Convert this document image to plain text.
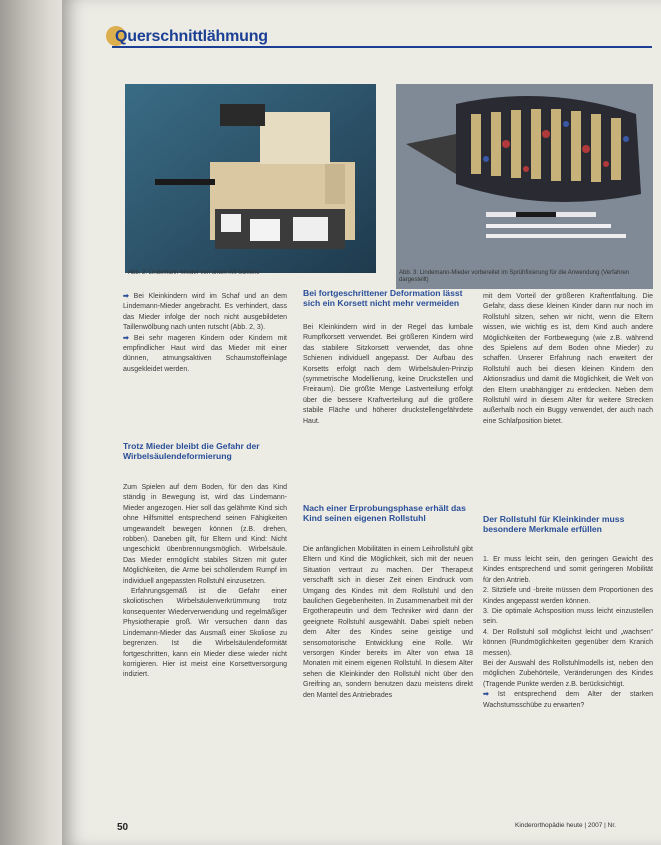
Querschnittlähmung
Abb. 2: Lindemann-Mieder von unten mit Schiene	Abb. 3: Lindemann-Mieder vorbereitet im Sprühfixierung für die Anwendung (Verfahren dargestellt)

➡ Bei Kleinkindern wird im Schaf und an dem Lindemann-Mieder angebracht. Es verhindert, dass das Mieder infolge der noch nicht ausgebildeten Taillenwölbung nach unten rutscht (Abb. 2, 3).

➡ Bei sehr mageren Kindern oder Kindern mit empfindlicher Haut wird das Mieder mit einer dünnen, atmungsaktiven Schaumstoffeinlage ausgekleidet werden.

Trotz Mieder bleibt die Gefahr der Wirbelsäulendeformierung

Zum Spielen auf dem Boden, für den das Kind ständig in Bewegung ist, wird das Lindemann-Mieder angezogen. Hier soll das gelähmte Kind sich ohne Hilfsmittel entsprechend seinen Fähigkeiten umgewandelt bewegen können (z.B. drehen, robben). Daneben gilt, für Eltern und Kind: Nicht ungeschickt übenbrennungsmöglich. Wirbelsäule. Das Mieder ermöglicht stabiles Sitzen mit guter Möglichkeiten, die Arme bei schöllendem Rumpf im individuell angepassten Rollstuhl einzusetzen.

Erfahrungsgemäß ist die Gefahr einer skoliotischen Wirbelsäulenverkrümmung trotz konsequenter Wiederverwendung und regelmäßiger Physiotherapie groß. Wir versuchen dann das Lindemann-Mieder das Ausmaß einer Skoliose zu begrenzen. Ist die Wirbelsäulendeformität fortgeschritten, kann ein Mieder diese wieder nicht korrigieren. Hier ist meist eine Korsettversorgung indiziert.

Bei fortgeschrittener Deformation lässt sich ein Korsett nicht mehr vermeiden
Bei Kleinkindern wird in der Regel das lumbale Rumpfkorsett verwendet. Bei größeren Kindern wird das stabilere Sitzkorsett verwendet, das ohne Schienen individuell angepasst. Der Aufbau des Korsetts erfolgt nach dem Wirbelsäulen-Prinzip (symmetrische Modellierung, keine Druckstellen und Freiraum). Die größte Menge Lastverteilung erfolgt über die bessere Kraftverteilung auf die größere stabile Fläche und höherer druckstellengefährdete Haut.
Nach einer Erprobungsphase erhält das Kind seinen eigenen Rollstuhl
Die anfänglichen Mobilitäten in einem Leihrollstuhl gibt Eltern und Kind die Möglichkeit, sich mit der neuen Situation vertraut zu machen. Der Therapeut verschafft sich in dieser Zeit einen Eindruck vom Umgang des Kindes mit dem Rollstuhl und den baulichen Gegebenheiten. In Zusammenarbeit mit der Ergotherapeutin und dem Techniker wird dann der geeignete Rollstuhl ausgewählt. Dabei spielt neben dem Alter des Kindes seine geistige und sensomotorische Entwicklung eine Rolle. Wir versorgen Kinder bereits im Alter von etwa 18 Monaten mit einem eigenen Rollstuhl. In diesem Alter sehen die Kleinkinder den Rollstuhl nicht über den Greifring an, sondern benutzen dazu meistens direkt den Mantel des Antriebrades
mit dem Vorteil der größeren Kraftentfaltung. Die Gefahr, dass diese kleinen Kinder dann nur noch im Rollstuhl sitzen, sehen wir nicht, wenn die Eltern wissen, wie wichtig es ist, dem Kind auch andere Möglichkeiten der Fortbewegung (wie z.B. während des Spielens auf dem Boden ohne Mieder) zu schaffen. Unserer Erfahrung nach erweitert der Rollstuhl auch bei diesen kleinen Kindern den Aktionsradius und damit die Möglichkeit, die Welt von den Eltern unabhängiger zu entdecken. Neben dem Rollstuhl wird in diesem Alter für weitere Strecken außerhalb noch ein Buggy verwendet, der auch nach eine Schlafposition bietet.
Der Rollstuhl für Kleinkinder muss besondere Merkmale erfüllen
1. Er muss leicht sein, den geringen Gewicht des Kindes entsprechend und somit geringeren Mobilität für den Antrieb.
2. Sitztiefe und -breite müssen dem Proportionen des Kindes angepasst werden können.
3. Die optimale Achsposition muss leicht einzustellen sein.
4. Der Rollstuhl soll möglichst leicht und „wachsen“ können (Rundmöglichkeiten gegenüber dem Kranich messen).

Bei der Auswahl des Rollstuhlmodells ist, neben den möglichen Zubehörteile, Veränderungen des Kindes (Tragende Punkte werden z.B. berücksichtigt.

➡ Ist entsprechend dem Alter der starken Wachstumsschübe zu erwarten?

50	Kinderorthopädie heute | 2007 | Nr.
